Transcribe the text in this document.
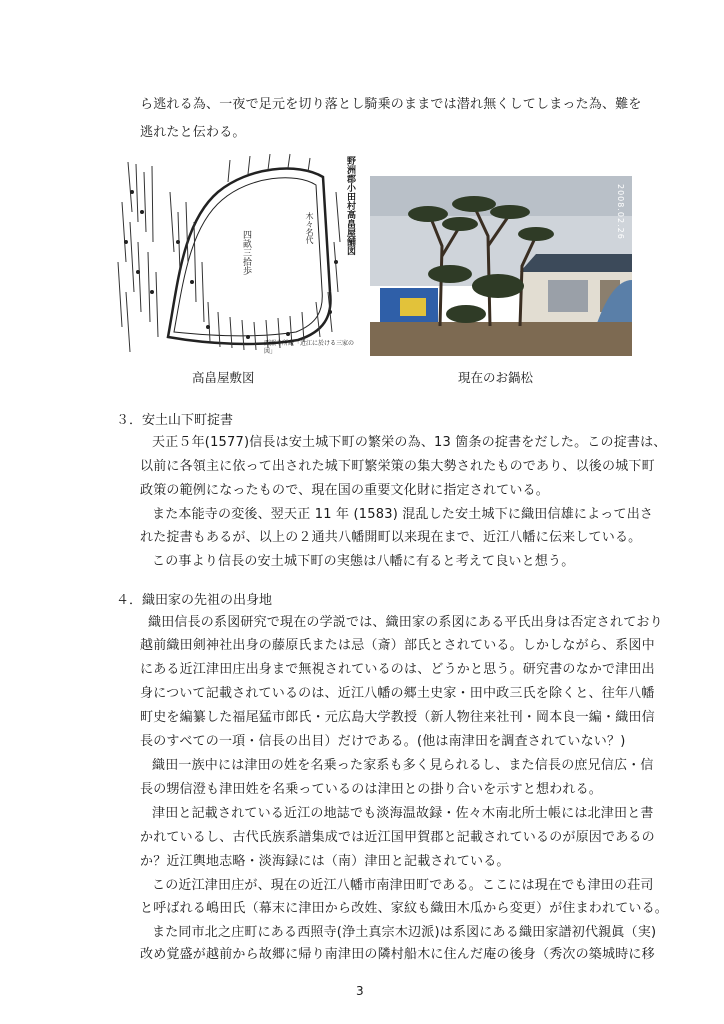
ら逃れる為、一夜で足元を切り落とし騎乗のままでは潜れ無くしてしまった為、難を
逃れたと伝わる。
野洲郡小田村高畠屋舗図
木々名代
四畝三拾歩
西照寺所蔵「近江に於ける三家の図」
高畠屋敷図
2008.02.26
現在のお鍋松
３．安土山下町掟書
天正５年(1577)信長は安土城下町の繁栄の為、13 箇条の掟書をだした。この掟書は、
以前に各領主に依って出された城下町繁栄策の集大勢されたものであり、以後の城下町
政策の範例になったもので、現在国の重要文化財に指定されている。
また本能寺の変後、翌天正 11 年 (1583) 混乱した安土城下に織田信雄によって出さ
れた掟書もあるが、以上の２通共八幡開町以来現在まで、近江八幡に伝来している。
この事より信長の安土城下町の実態は八幡に有ると考えて良いと想う。
４．織田家の先祖の出身地
織田信長の系図研究で現在の学説では、織田家の系図にある平氏出身は否定されており
越前織田剣神社出身の藤原氏または忌（斎）部氏とされている。しかしながら、系図中
にある近江津田庄出身まで無視されているのは、どうかと思う。研究書のなかで津田出
身について記載されているのは、近江八幡の郷土史家・田中政三氏を除くと、往年八幡
町史を編纂した福尾猛市郎氏・元広島大学教授（新人物往来社刊・岡本良一編・織田信
長のすべての一項・信長の出目）だけである。(他は南津田を調査されていない？)
織田一族中には津田の姓を名乗った家系も多く見られるし、また信長の庶兄信広・信
長の甥信澄も津田姓を名乗っているのは津田との掛り合いを示すと想われる。
津田と記載されている近江の地誌でも淡海温故録・佐々木南北所士帳には北津田と書
かれているし、古代氏族系譜集成では近江国甲賀郡と記載されているのが原因であるの
か？近江輿地志略・淡海録には（南）津田と記載されている。
この近江津田庄が、現在の近江八幡市南津田町である。ここには現在でも津田の荘司
と呼ばれる嶋田氏（幕末に津田から改姓、家紋も織田木瓜から変更）が住まわれている。
また同市北之庄町にある西照寺(浄土真宗木辺派)は系図にある織田家譜初代親眞（実)
改め覚盛が越前から故郷に帰り南津田の隣村船木に住んだ庵の後身（秀次の築城時に移
3
